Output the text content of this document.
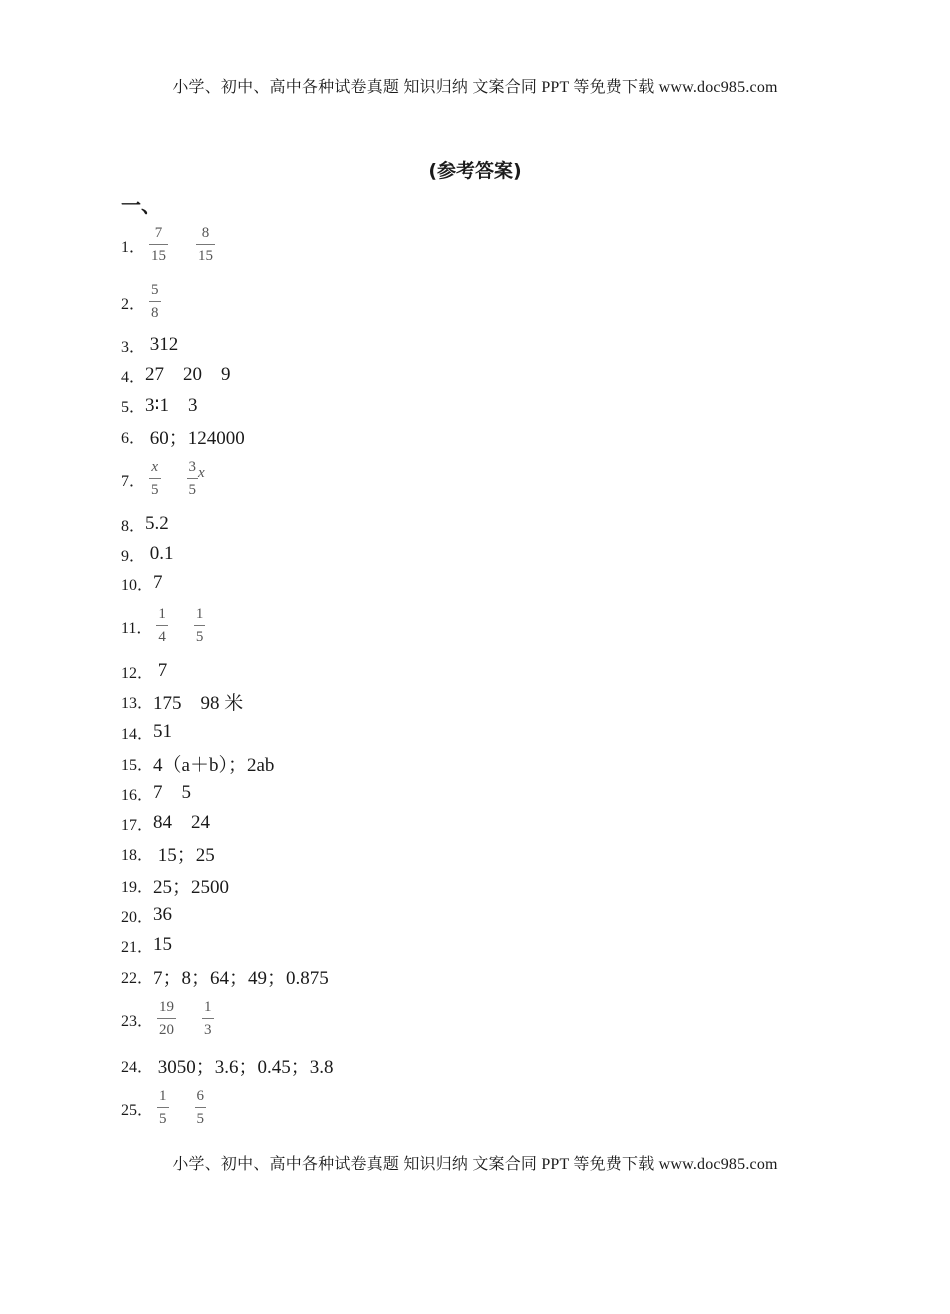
小学、初中、高中各种试卷真题 知识归纳 文案合同 PPT 等免费下载 www.doc985.com
(参考答案)
一、
1． $\frac{7}{15} \frac{8}{15}$
2． $\frac{5}{8}$
3． 312
4． 27    20    9
5． 3∶1    3
6． 60；124000
7． $\frac{x}{5} \frac{3}{5}$ x
8． 5.2
9． 0.1
10． 7
11． $\frac{1}{4} \frac{1}{5}$
12． 7
13． 175    98 米
14． 51
15． 4（a＋b）；2ab
16． 7    5
17． 84    24
18． 15；25
19． 25；2500
20． 36
21． 15
22． 7；8；64；49；0.875
23． $\frac{19}{20} \frac{1}{3}$
24． 3050；3.6；0.45；3.8
25． $\frac{1}{5} \frac{6}{5}$
小学、初中、高中各种试卷真题 知识归纳 文案合同 PPT 等免费下载 www.doc985.com
